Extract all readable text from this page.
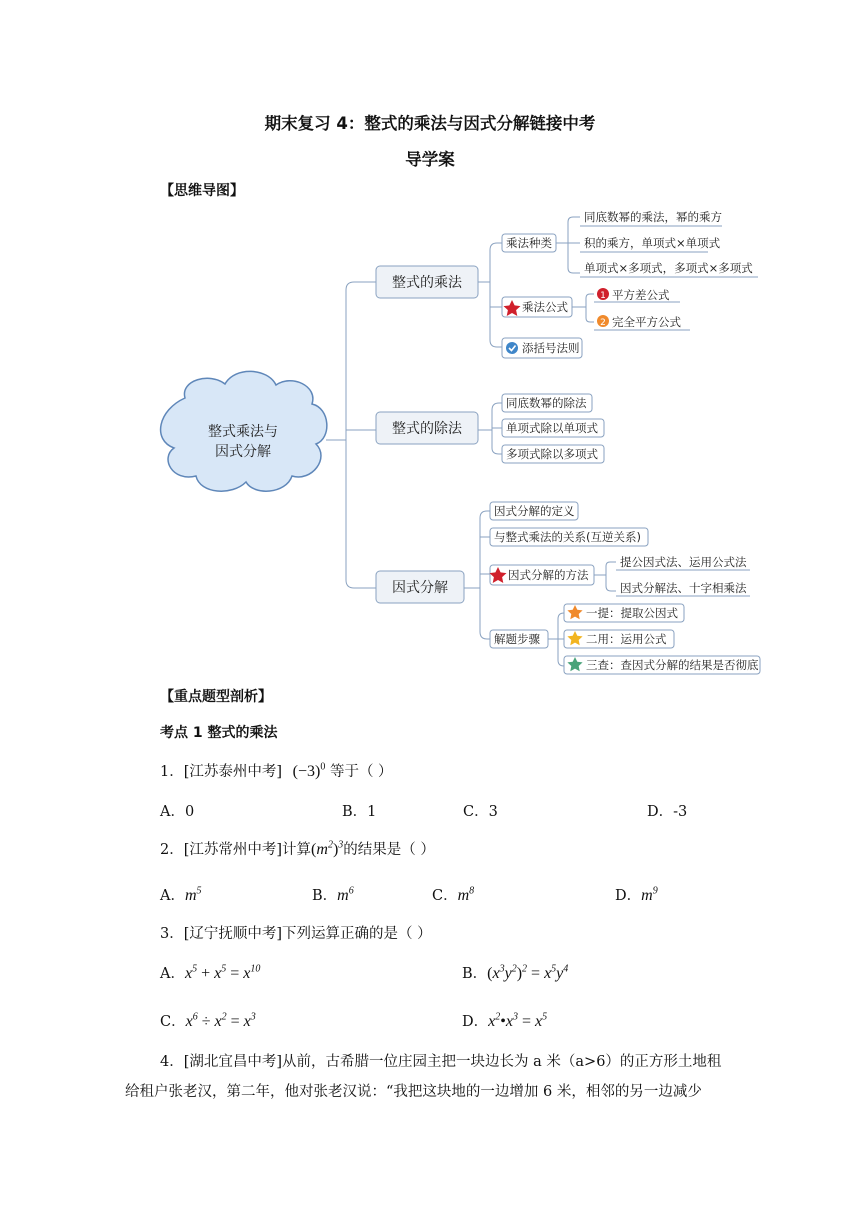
期末复习 4：整式的乘法与因式分解链接中考
导学案
【思维导图】
整式乘法与
因式分解
整式的乘法
乘法种类
同底数幂的乘法，幂的乘方
积的乘方，单项式×单项式
单项式×多项式，多项式×多项式
乘法公式
1 平方差公式
2 完全平方公式
添括号法则
整式的除法
同底数幂的除法
单项式除以单项式
多项式除以多项式
因式分解
因式分解的定义
与整式乘法的关系(互逆关系)
因式分解的方法
提公因式法、运用公式法
因式分解法、十字相乘法
解题步骤
一提：提取公因式
二用：运用公式
三查：查因式分解的结果是否彻底
【重点题型剖析】
考点 1 整式的乘法
1．[江苏泰州中考] $(-3)^0$ 等于（ ）
A．0	B．1	C．3	D．-3
2．[江苏常州中考]计算$(m^2)^3$的结果是（ ）
A．$m^5$	B．$m^6$	C．$m^8$	D．$m^9$
3．[辽宁抚顺中考]下列运算正确的是（ ）
A．$x^5 + x^5 = x^{10}$	B．$(x^3y^2)^2 = x^5y^4$
C．$x^6 \div x^2 = x^3$	D．$x^2•x^3 = x^5$
4．[湖北宜昌中考]从前，古希腊一位庄园主把一块边长为 a 米（a>6）的正方形土地租
给租户张老汉，第二年，他对张老汉说：“我把这块地的一边增加 6 米，相邻的另一边减少
